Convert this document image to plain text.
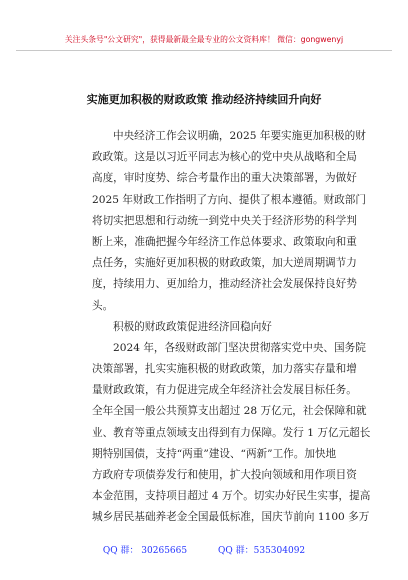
关注头条号"公文研究"，获得最新最全最专业的公文资料库！ 微信：gongwenyj
实施更加积极的财政政策 推动经济持续回升向好
中央经济工作会议明确，2025 年要实施更加积极的财
政政策。这是以习近平同志为核心的党中央从战略和全局
高度，审时度势、综合考量作出的重大决策部署，为做好
2025 年财政工作指明了方向、提供了根本遵循。财政部门
将切实把思想和行动统一到党中央关于经济形势的科学判
断上来，准确把握今年经济工作总体要求、政策取向和重
点任务，实施好更加积极的财政政策，加大逆周期调节力
度，持续用力、更加给力，推动经济社会发展保持良好势
头。
积极的财政政策促进经济回稳向好
2024 年，各级财政部门坚决贯彻落实党中央、国务院
决策部署，扎实实施积极的财政政策，加力落实存量和增
量财政政策，有力促进完成全年经济社会发展目标任务。
全年全国一般公共预算支出超过 28 万亿元，社会保障和就
业、教育等重点领域支出得到有力保障。发行 1 万亿元超长
期特别国债，支持“两重”建设、“两新”工作。加快地
方政府专项债券发行和使用，扩大投向领域和用作项目资
本金范围，支持项目超过 4 万个。切实办好民生实事，提高
城乡居民基础养老金全国最低标准，国庆节前向 1100 多万
QQ 群： 30265665	QQ 群：535304092
